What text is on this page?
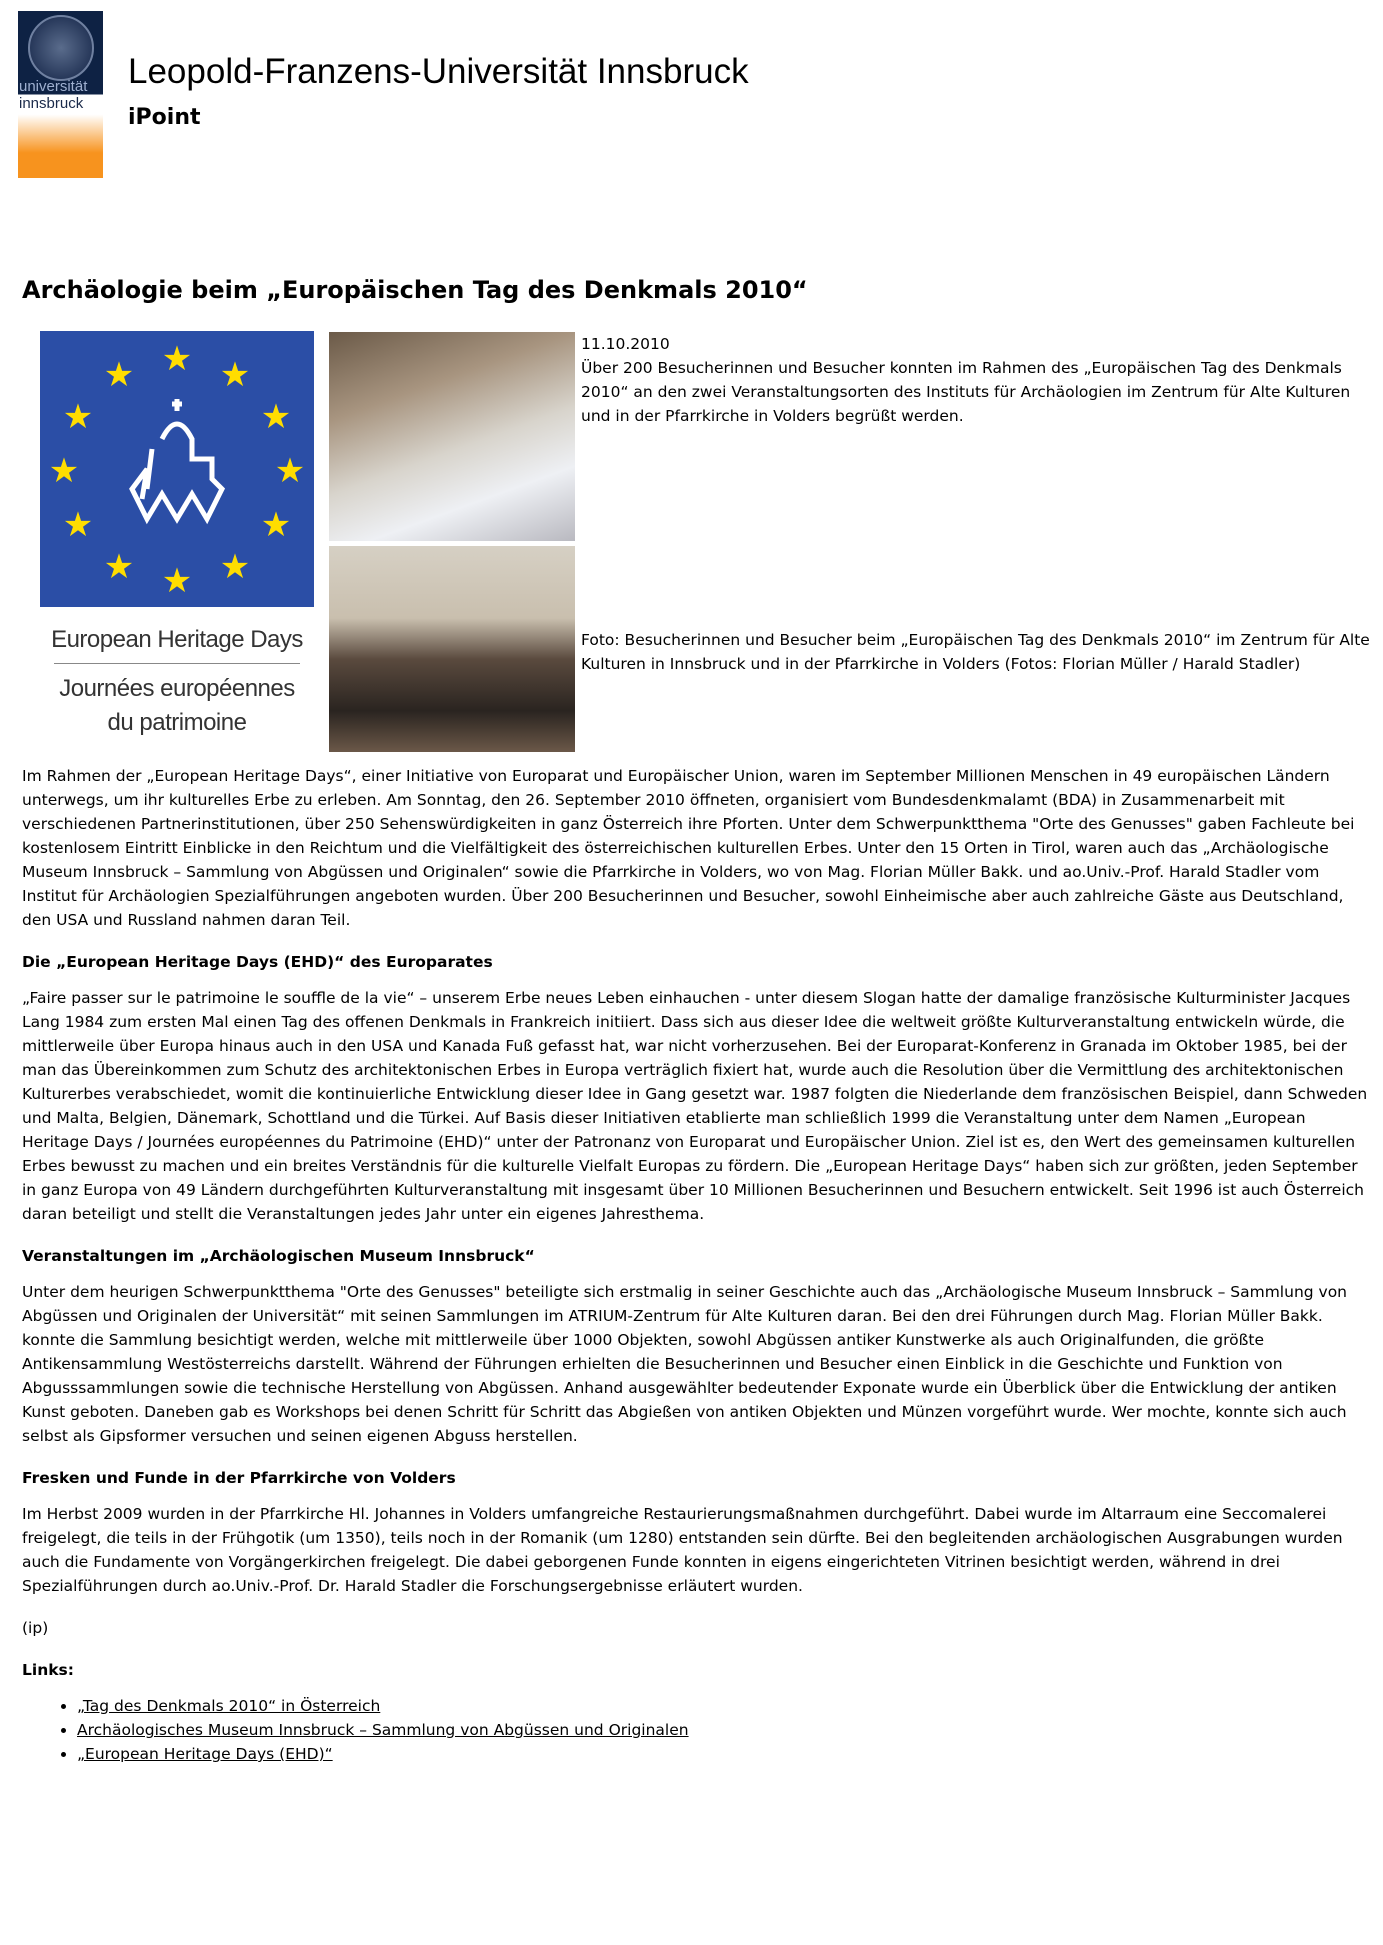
universität
innsbruck
Leopold-Franzens-Universität Innsbruck
iPoint
Archäologie beim „Europäischen Tag des Denkmals 2010“
★ ★
★
★
★
★
★
★
★
★
★
★
European Heritage Days
Journées européennes
du patrimoine
11.10.2010
Über 200 Besucherinnen und Besucher konnten im Rahmen des „Europäischen Tag des Denkmals 2010“ an den zwei Veranstaltungsorten des Instituts für Archäologien im Zentrum für Alte Kulturen und in der Pfarrkirche in Volders begrüßt werden.
Foto: Besucherinnen und Besucher beim „Europäischen Tag des Denkmals 2010“ im Zentrum für Alte Kulturen in Innsbruck und in der Pfarrkirche in Volders (Fotos: Florian Müller / Harald Stadler)

Im Rahmen der „European Heritage Days“, einer Initiative von Europarat und Europäischer Union, waren im September Millionen Menschen in 49 europäischen Ländern unterwegs, um ihr kulturelles Erbe zu erleben. Am Sonntag, den 26. September 2010 öffneten, organisiert vom Bundesdenkmalamt (BDA) in Zusammenarbeit mit verschiedenen Partnerinstitutionen, über 250 Sehenswürdigkeiten in ganz Österreich ihre Pforten. Unter dem Schwerpunktthema "Orte des Genusses" gaben Fachleute bei kostenlosem Eintritt Einblicke in den Reichtum und die Vielfältigkeit des österreichischen kulturellen Erbes. Unter den 15 Orten in Tirol, waren auch das „Archäologische Museum Innsbruck – Sammlung von Abgüssen und Originalen“ sowie die Pfarrkirche in Volders, wo von Mag. Florian Müller Bakk. und ao.Univ.-Prof. Harald Stadler vom Institut für Archäologien Spezialführungen angeboten wurden. Über 200 Besucherinnen und Besucher, sowohl Einheimische aber auch zahlreiche Gäste aus Deutschland, den USA und Russland nahmen daran Teil.

Die „European Heritage Days (EHD)“ des Europarates

„Faire passer sur le patrimoine le souffle de la vie“ – unserem Erbe neues Leben einhauchen - unter diesem Slogan hatte der damalige französische Kulturminister Jacques Lang 1984 zum ersten Mal einen Tag des offenen Denkmals in Frankreich initiiert. Dass sich aus dieser Idee die weltweit größte Kulturveranstaltung entwickeln würde, die mittlerweile über Europa hinaus auch in den USA und Kanada Fuß gefasst hat, war nicht vorherzusehen. Bei der Europarat-Konferenz in Granada im Oktober 1985, bei der man das Übereinkommen zum Schutz des architektonischen Erbes in Europa verträglich fixiert hat, wurde auch die Resolution über die Vermittlung des architektonischen Kulturerbes verabschiedet, womit die kontinuierliche Entwicklung dieser Idee in Gang gesetzt war. 1987 folgten die Niederlande dem französischen Beispiel, dann Schweden und Malta, Belgien, Dänemark, Schottland und die Türkei. Auf Basis dieser Initiativen etablierte man schließlich 1999 die Veranstaltung unter dem Namen „European Heritage Days / Journées européennes du Patrimoine (EHD)“ unter der Patronanz von Europarat und Europäischer Union. Ziel ist es, den Wert des gemeinsamen kulturellen Erbes bewusst zu machen und ein breites Verständnis für die kulturelle Vielfalt Europas zu fördern. Die „European Heritage Days“ haben sich zur größten, jeden September in ganz Europa von 49 Ländern durchgeführten Kulturveranstaltung mit insgesamt über 10 Millionen Besucherinnen und Besuchern entwickelt. Seit 1996 ist auch Österreich daran beteiligt und stellt die Veranstaltungen jedes Jahr unter ein eigenes Jahresthema.

Veranstaltungen im „Archäologischen Museum Innsbruck“

Unter dem heurigen Schwerpunktthema "Orte des Genusses" beteiligte sich erstmalig in seiner Geschichte auch das „Archäologische Museum Innsbruck – Sammlung von Abgüssen und Originalen der Universität“ mit seinen Sammlungen im ATRIUM-Zentrum für Alte Kulturen daran. Bei den drei Führungen durch Mag. Florian Müller Bakk. konnte die Sammlung besichtigt werden, welche mit mittlerweile über 1000 Objekten, sowohl Abgüssen antiker Kunstwerke als auch Originalfunden, die größte Antikensammlung Westösterreichs darstellt. Während der Führungen erhielten die Besucherinnen und Besucher einen Einblick in die Geschichte und Funktion von Abgusssammlungen sowie die technische Herstellung von Abgüssen. Anhand ausgewählter bedeutender Exponate wurde ein Überblick über die Entwicklung der antiken Kunst geboten. Daneben gab es Workshops bei denen Schritt für Schritt das Abgießen von antiken Objekten und Münzen vorgeführt wurde. Wer mochte, konnte sich auch selbst als Gipsformer versuchen und seinen eigenen Abguss herstellen.

Fresken und Funde in der Pfarrkirche von Volders

Im Herbst 2009 wurden in der Pfarrkirche Hl. Johannes in Volders umfangreiche Restaurierungsmaßnahmen durchgeführt. Dabei wurde im Altarraum eine Seccomalerei freigelegt, die teils in der Frühgotik (um 1350), teils noch in der Romanik (um 1280) entstanden sein dürfte. Bei den begleitenden archäologischen Ausgrabungen wurden auch die Fundamente von Vorgängerkirchen freigelegt. Die dabei geborgenen Funde konnten in eigens eingerichteten Vitrinen besichtigt werden, während in drei Spezialführungen durch ao.Univ.-Prof. Dr. Harald Stadler die Forschungsergebnisse erläutert wurden.

(ip)

Links:
• „Tag des Denkmals 2010“ in Österreich
• Archäologisches Museum Innsbruck – Sammlung von Abgüssen und Originalen
• „European Heritage Days (EHD)“
